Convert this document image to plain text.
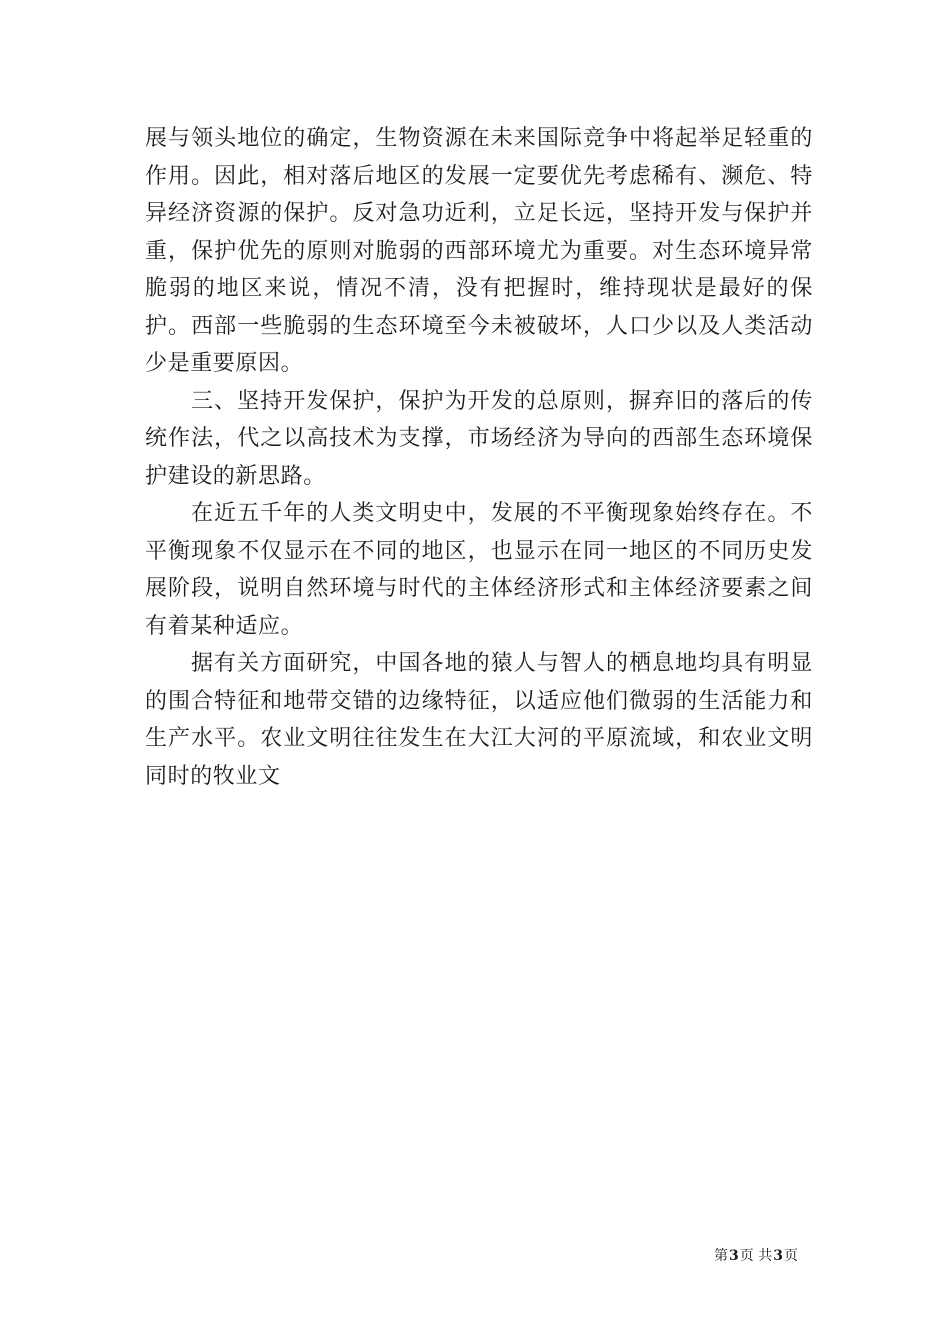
展与领头地位的确定，生物资源在未来国际竞争中将起举足轻重的作用。因此，相对落后地区的发展一定要优先考虑稀有、濒危、特异经济资源的保护。反对急功近利，立足长远，坚持开发与保护并重，保护优先的原则对脆弱的西部环境尤为重要。对生态环境异常脆弱的地区来说，情况不清，没有把握时，维持现状是最好的保护。西部一些脆弱的生态环境至今未被破坏，人口少以及人类活动少是重要原因。

三、坚持开发保护，保护为开发的总原则，摒弃旧的落后的传统作法，代之以高技术为支撑，市场经济为导向的西部生态环境保护建设的新思路。

在近五千年的人类文明史中，发展的不平衡现象始终存在。不平衡现象不仅显示在不同的地区，也显示在同一地区的不同历史发展阶段，说明自然环境与时代的主体经济形式和主体经济要素之间有着某种适应。

据有关方面研究，中国各地的猿人与智人的栖息地均具有明显的围合特征和地带交错的边缘特征，以适应他们微弱的生活能力和生产水平。农业文明往往发生在大江大河的平原流域，和农业文明同时的牧业文

第3页 共3页
